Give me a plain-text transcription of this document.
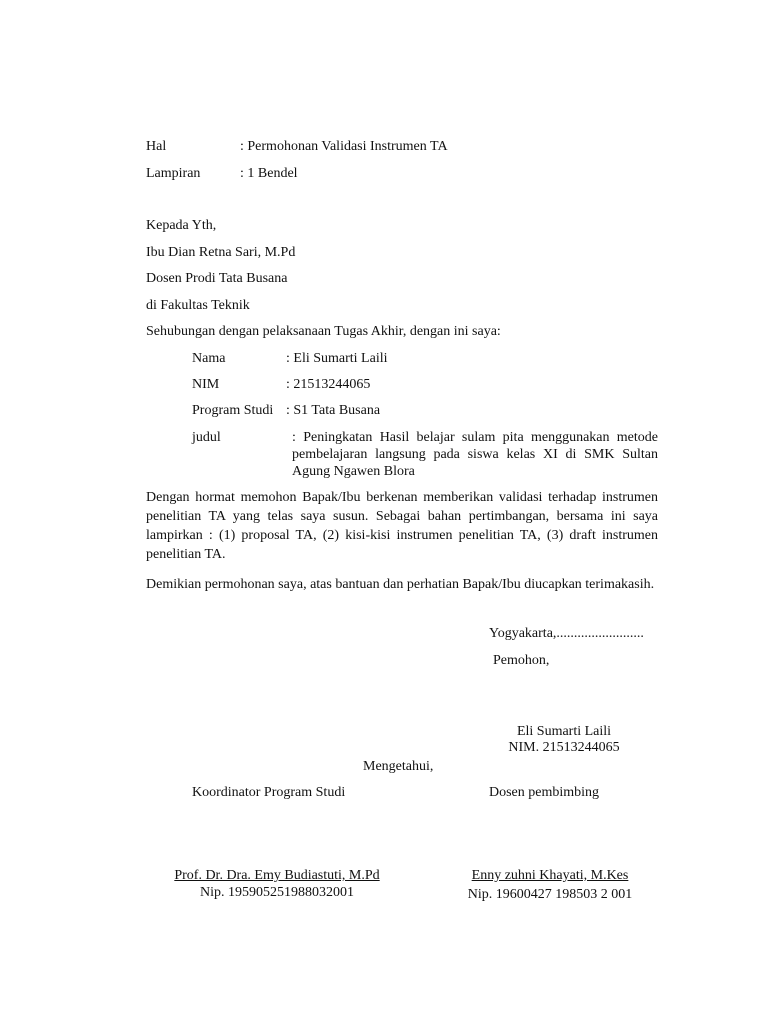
Hal	: Permohonan Validasi Instrumen TA
Lampiran	: 1 Bendel
Kepada Yth,
Ibu Dian Retna Sari, M.Pd
Dosen Prodi Tata Busana
di Fakultas Teknik
Sehubungan dengan pelaksanaan Tugas Akhir, dengan ini saya:
Nama	: Eli Sumarti Laili
NIM	: 21513244065
Program Studi : S1 Tata Busana
judul	: Peningkatan Hasil belajar sulam pita menggunakan metode pembelajaran langsung pada siswa kelas XI di SMK Sultan Agung Ngawen Blora
Dengan hormat memohon Bapak/Ibu berkenan memberikan validasi terhadap instrumen penelitian TA yang telas saya susun. Sebagai bahan pertimbangan, bersama ini saya lampirkan : (1) proposal TA, (2) kisi-kisi instrumen penelitian TA, (3) draft instrumen penelitian TA.
Demikian permohonan saya, atas bantuan dan perhatian Bapak/Ibu diucapkan terimakasih.
Yogyakarta,.........................
Pemohon,
Eli Sumarti Laili
NIM. 21513244065
Mengetahui,
Koordinator Program Studi	Dosen pembimbing
Prof. Dr. Dra. Emy Budiastuti, M.Pd
Nip. 195905251988032001
Enny zuhni Khayati, M.Kes
Nip. 19600427 198503 2 001
